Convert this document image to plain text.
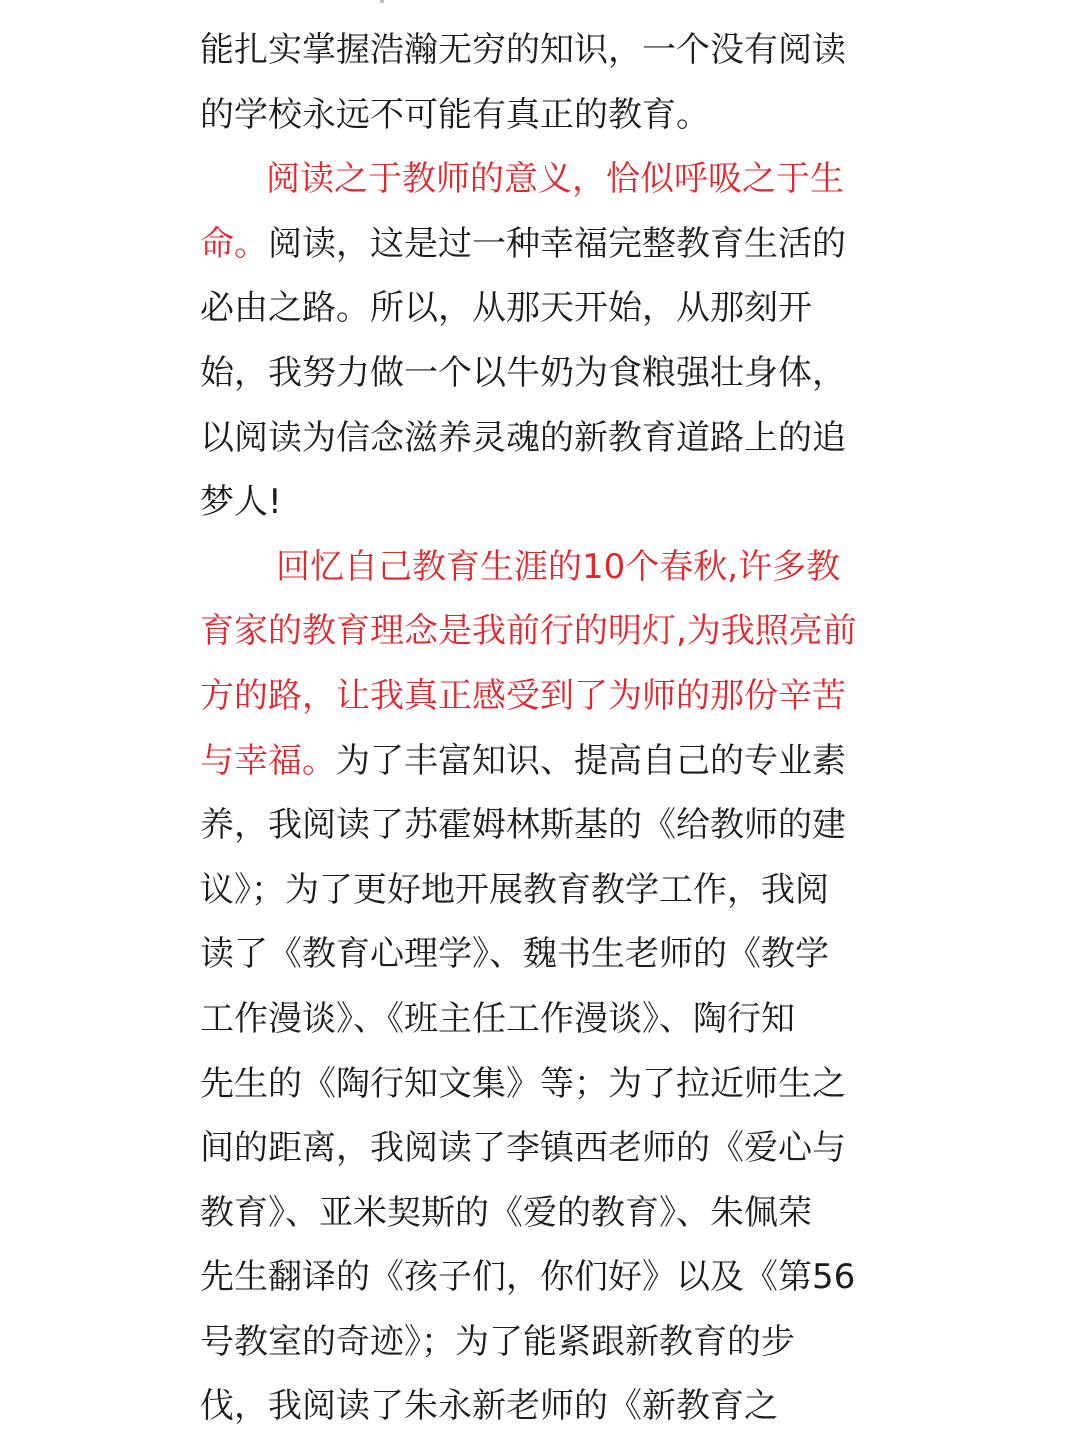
能扎实掌握浩瀚无穷的知识，一个没有阅读
的学校永远不可能有真正的教育。
阅读之于教师的意义，恰似呼吸之于生
命。阅读，这是过一种幸福完整教育生活的
必由之路。所以，从那天开始，从那刻开
始，我努力做一个以牛奶为食粮强壮身体，
以阅读为信念滋养灵魂的新教育道路上的追
梦人!
回忆自己教育生涯的10个春秋,许多教
育家的教育理念是我前行的明灯,为我照亮前
方的路，让我真正感受到了为师的那份辛苦
与幸福。为了丰富知识、提高自己的专业素
养，我阅读了苏霍姆林斯基的《给教师的建
议》；为了更好地开展教育教学工作，我阅
读了《教育心理学》、魏书生老师的《教学
工作漫谈》、《班主任工作漫谈》、陶行知
先生的《陶行知文集》等；为了拉近师生之
间的距离，我阅读了李镇西老师的《爱心与
教育》、亚米契斯的《爱的教育》、朱佩荣
先生翻译的《孩子们，你们好》以及《第56
号教室的奇迹》；为了能紧跟新教育的步
伐，我阅读了朱永新老师的《新教育之
